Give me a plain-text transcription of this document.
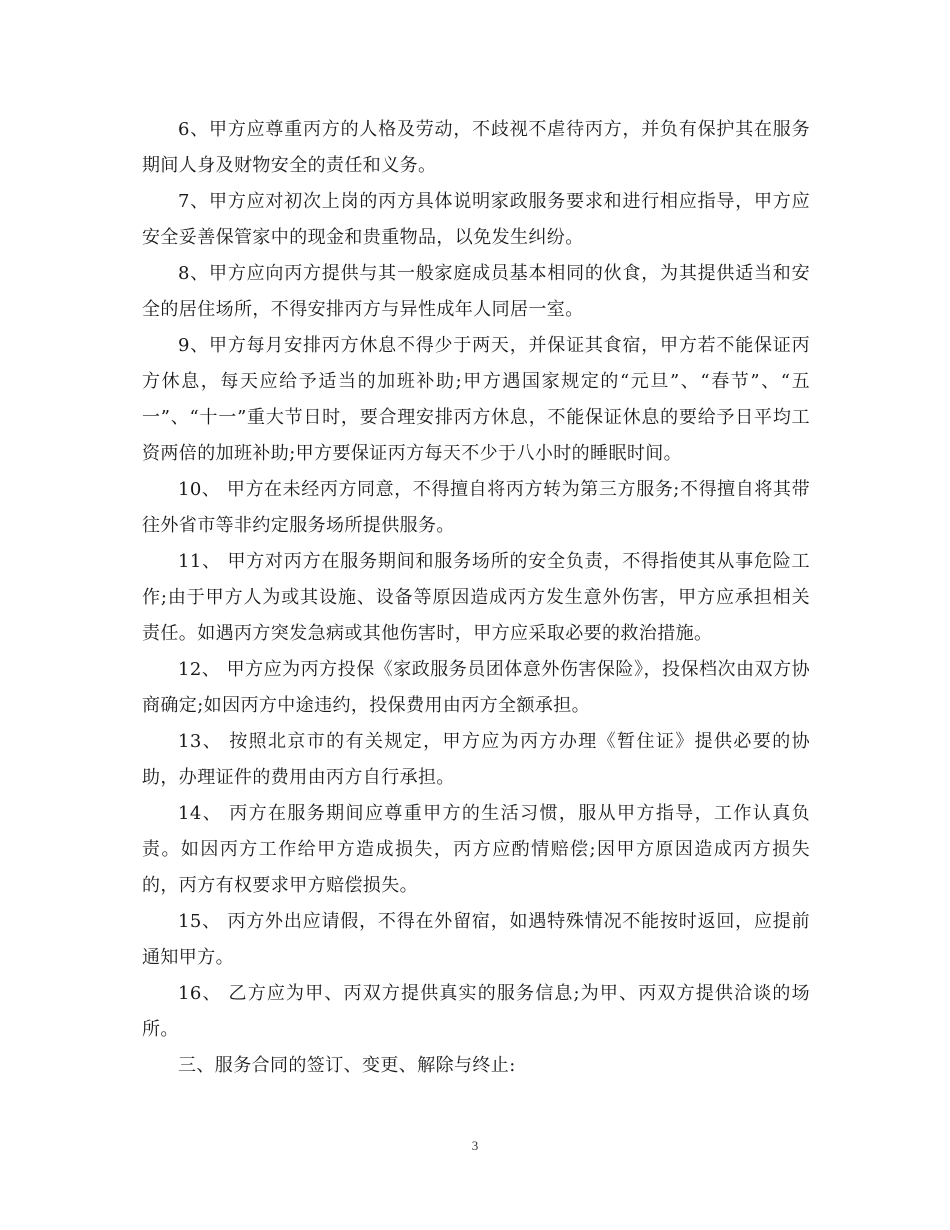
6、甲方应尊重丙方的人格及劳动，不歧视不虐待丙方，并负有保护其在服务期间人身及财物安全的责任和义务。

7、甲方应对初次上岗的丙方具体说明家政服务要求和进行相应指导，甲方应安全妥善保管家中的现金和贵重物品，以免发生纠纷。

8、甲方应向丙方提供与其一般家庭成员基本相同的伙食，为其提供适当和安全的居住场所，不得安排丙方与异性成年人同居一室。

9、甲方每月安排丙方休息不得少于两天，并保证其食宿，甲方若不能保证丙方休息，每天应给予适当的加班补助;甲方遇国家规定的“元旦”、“春节”、“五一”、“十一”重大节日时，要合理安排丙方休息，不能保证休息的要给予日平均工资两倍的加班补助;甲方要保证丙方每天不少于八小时的睡眠时间。

10、 甲方在未经丙方同意，不得擅自将丙方转为第三方服务;不得擅自将其带往外省市等非约定服务场所提供服务。

11、 甲方对丙方在服务期间和服务场所的安全负责，不得指使其从事危险工作;由于甲方人为或其设施、设备等原因造成丙方发生意外伤害，甲方应承担相关责任。如遇丙方突发急病或其他伤害时，甲方应采取必要的救治措施。

12、 甲方应为丙方投保《家政服务员团体意外伤害保险》，投保档次由双方协商确定;如因丙方中途违约，投保费用由丙方全额承担。

13、 按照北京市的有关规定，甲方应为丙方办理《暂住证》提供必要的协助，办理证件的费用由丙方自行承担。

14、 丙方在服务期间应尊重甲方的生活习惯，服从甲方指导，工作认真负责。如因丙方工作给甲方造成损失，丙方应酌情赔偿;因甲方原因造成丙方损失的，丙方有权要求甲方赔偿损失。

15、 丙方外出应请假，不得在外留宿，如遇特殊情况不能按时返回，应提前通知甲方。

16、 乙方应为甲、丙双方提供真实的服务信息;为甲、丙双方提供洽谈的场所。

三、服务合同的签订、变更、解除与终止:

3
